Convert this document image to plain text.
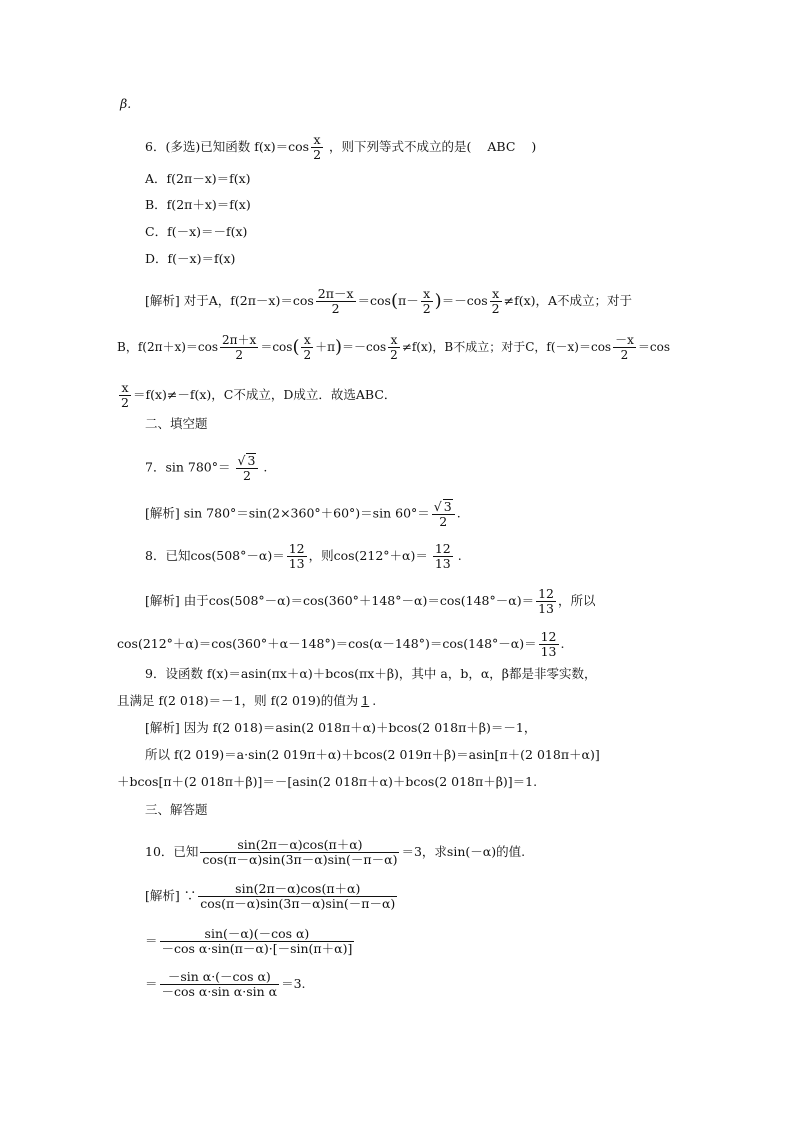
β.
6．(多选)已知函数 $f(x)=\cos \frac{x}{2}$ ，则下列等式不成立的是( ABC )
A．f(2π－x)＝f(x)
B．f(2π＋x)＝f(x)
C．f(－x)＝－f(x)
D．f(－x)＝f(x)
[解析] 对于A，$f(2\pi-x)=\cos \frac{2\pi-x}{2} =\cos(\pi- \frac{x}{2} )=-\cos \frac{x}{2} \ne f(x)$，A不成立；对于
B，$f(2\pi+x)=\cos \frac{2\pi+x}{2} =\cos( \frac{x}{2} +\pi)=-\cos \frac{x}{2} \ne f(x)$，B不成立；对于C，$f(-x)=\cos \frac{-x}{2} =\cos$
$\frac{x}{2} =f(x)\ne-f(x)$，C不成立，D成立．故选ABC．
二、填空题
7．$\sin 780^\circ= \frac{√ 3}{2}$ .
[解析] sin 780°＝sin(2×360°＋60°)＝sin $60^\circ= \frac{√ 3}{2}$ .
8．已知$\cos(508^\circ-\alpha)= \frac{12}{13}$ ，则$\cos(212^\circ+\alpha)= \frac{12}{13}$ .
[解析] 由于$\cos(508^\circ-\alpha)=\cos(360^\circ+148^\circ-\alpha)=\cos(148^\circ-\alpha)= \frac{12}{13}$ ，所以
$\cos(212^\circ+\alpha)=\cos(360^\circ+\alpha-148^\circ)=\cos(\alpha-148^\circ)=\cos(148^\circ-\alpha)= \frac{12}{13}$ .
9．设函数 f(x)＝asin(πx＋α)＋bcos(πx＋β)，其中 a，b，α，β都是非零实数，
且满足 f(2 018)＝－1，则 f(2 019)的值为 1 .
[解析] 因为 f(2 018)＝asin(2 018π＋α)＋bcos(2 018π＋β)＝－1，
所以 f(2 019)＝a·sin(2 019π＋α)＋bcos(2 019π＋β)＝asin[π＋(2 018π＋α)]
＋bcos[π＋(2 018π＋β)]＝－[asin(2 018π＋α)＋bcos(2 018π＋β)]＝1.
三、解答题
10．已知 $\frac{\sin(2\pi-\alpha)\cos(\pi+\alpha)}{\cos(\pi-\alpha)\sin(3\pi-\alpha)\sin(-\pi-\alpha)} =3$，求sin(－α)的值.
[解析] ∵ $\frac{\sin(2\pi-\alpha)\cos(\pi+\alpha)}{\cos(\pi-\alpha)\sin(3\pi-\alpha)\sin(-\pi-\alpha)}$
＝ $\frac{\text{sin(－α)(－cos α)}}{\text{－cos α·sin(π－α)·[－sin(π＋α)]}}$
＝ $\frac{\text{－sin α·(－cos α)}}{\text{－cos α·sin α·sin α}} =3$.
